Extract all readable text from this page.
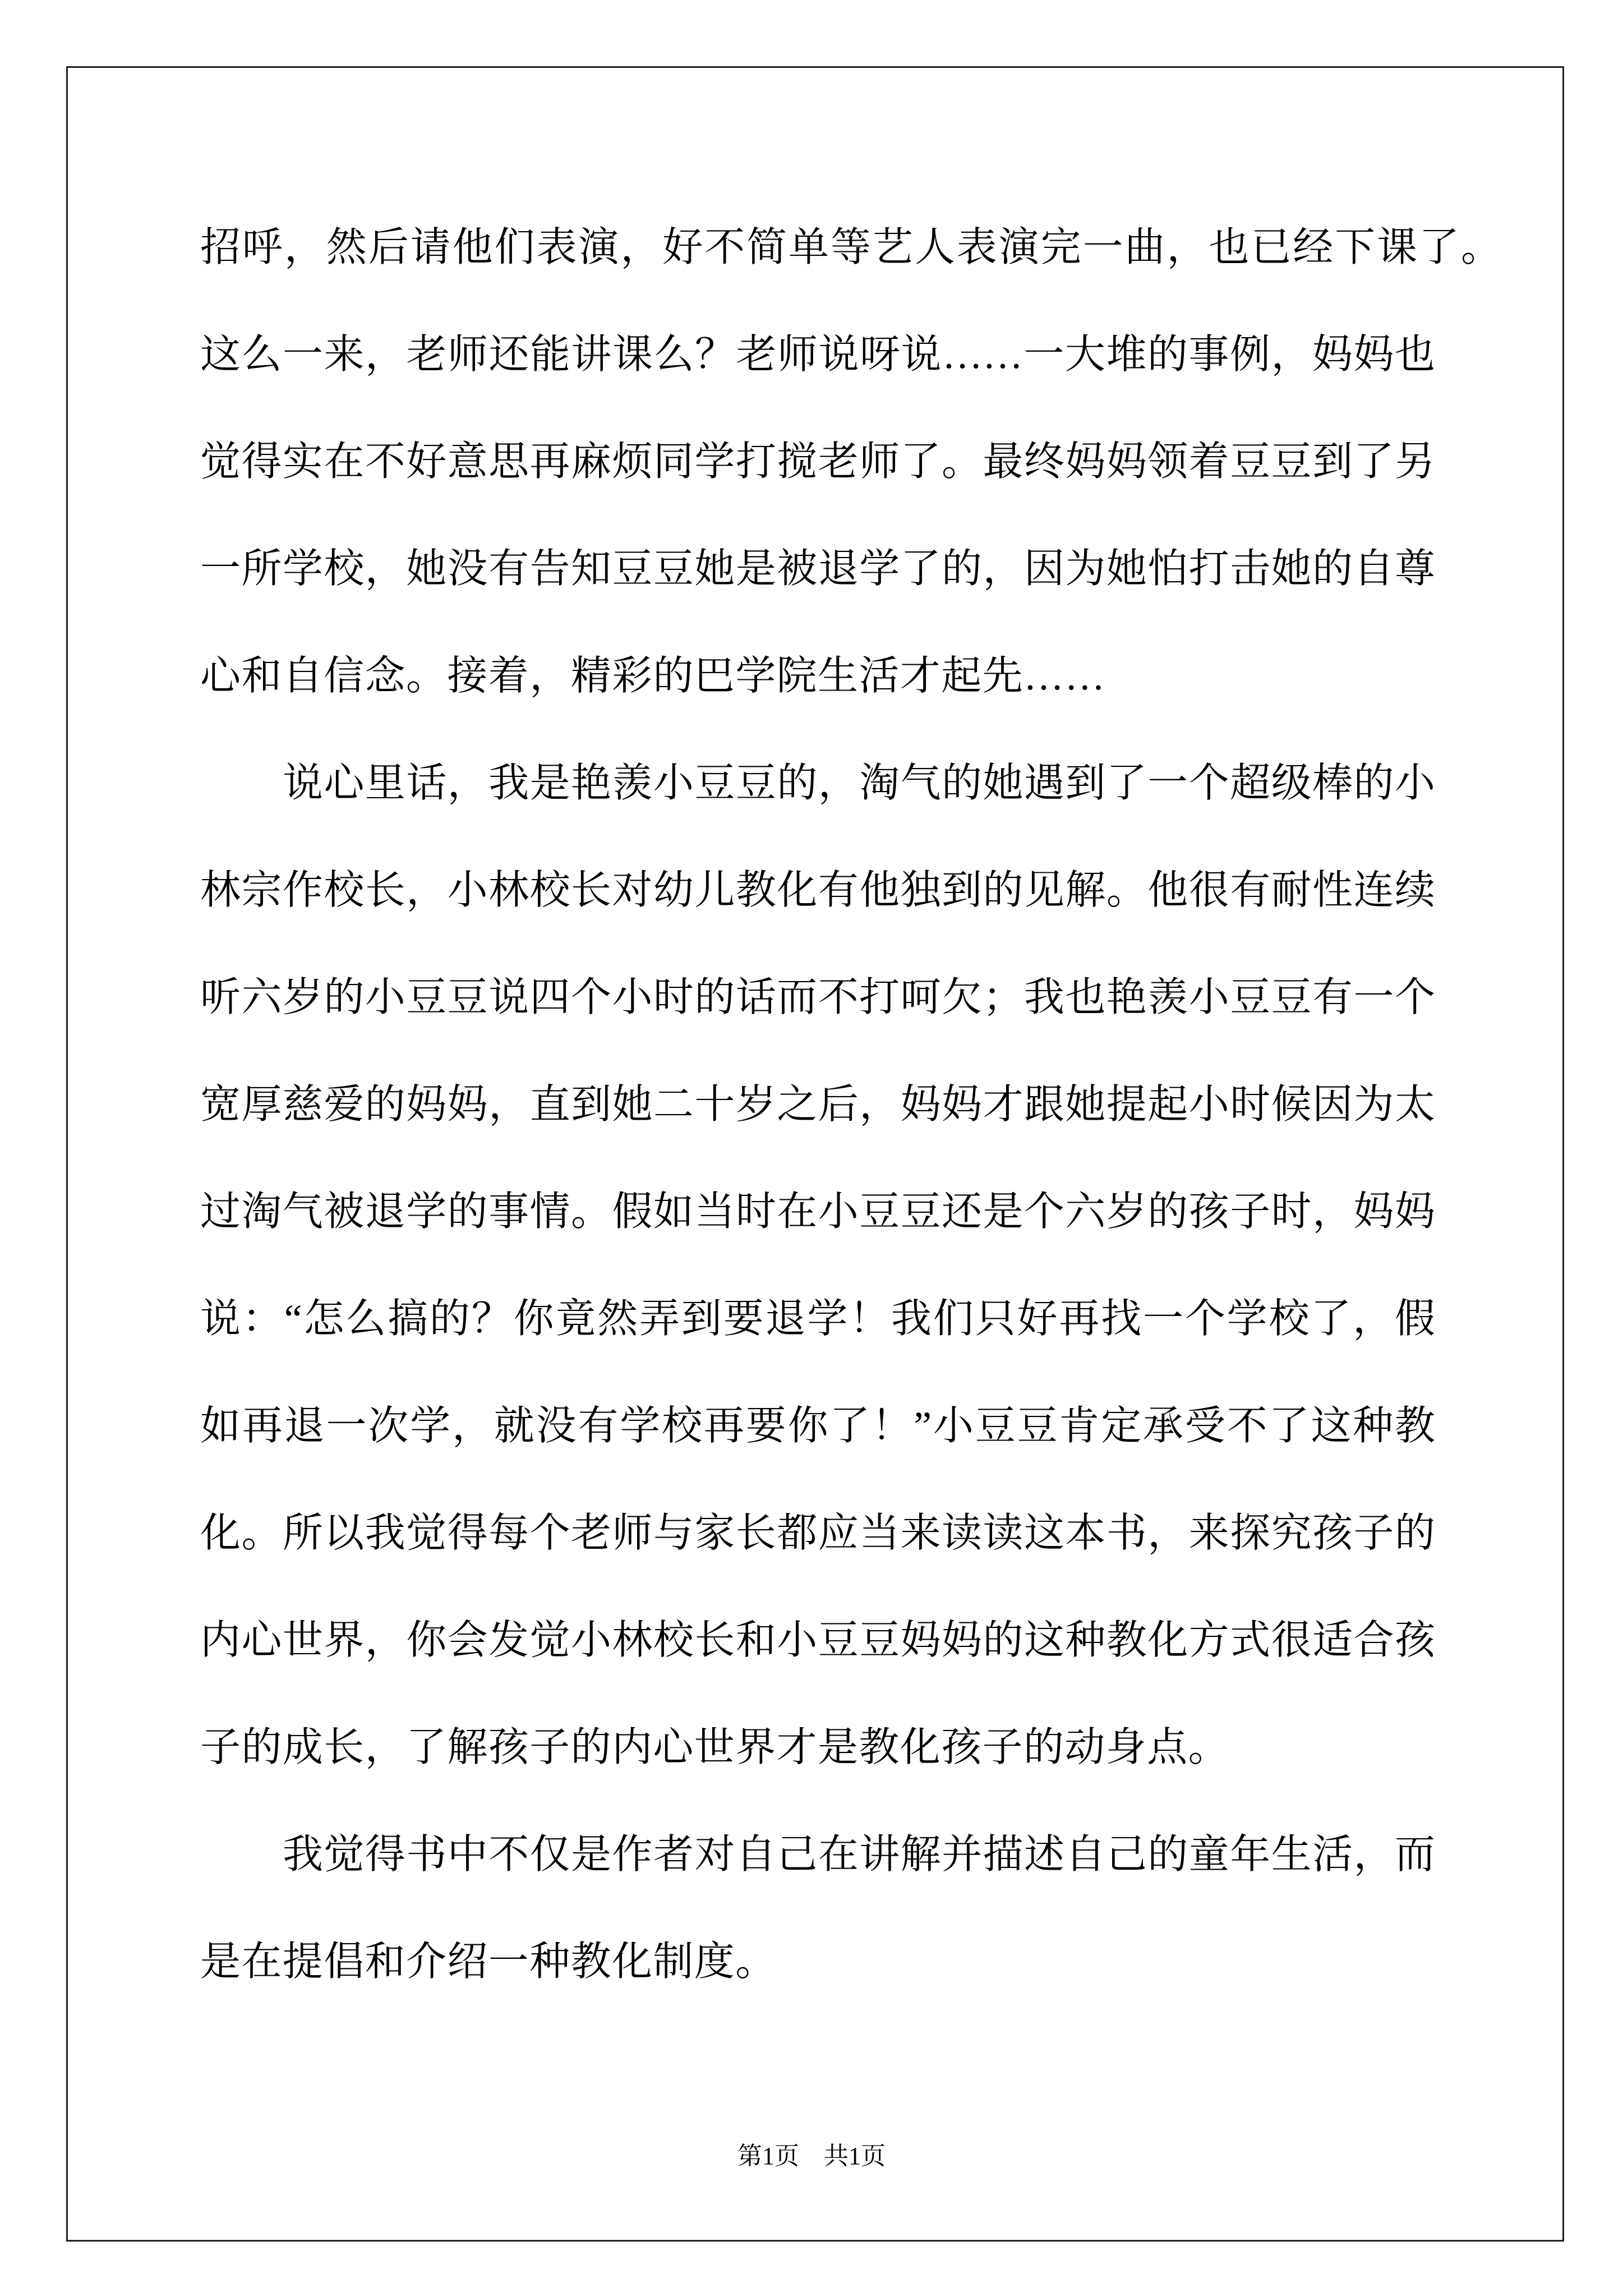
招呼，然后请他们表演，好不简单等艺人表演完一曲，也已经下课了。
这么一来，老师还能讲课么？老师说呀说……一大堆的事例，妈妈也
觉得实在不好意思再麻烦同学打搅老师了。最终妈妈领着豆豆到了另
一所学校，她没有告知豆豆她是被退学了的，因为她怕打击她的自尊
心和自信念。接着，精彩的巴学院生活才起先……
说心里话，我是艳羡小豆豆的，淘气的她遇到了一个超级棒的小
林宗作校长，小林校长对幼儿教化有他独到的见解。他很有耐性连续
听六岁的小豆豆说四个小时的话而不打呵欠；我也艳羡小豆豆有一个
宽厚慈爱的妈妈，直到她二十岁之后，妈妈才跟她提起小时候因为太
过淘气被退学的事情。假如当时在小豆豆还是个六岁的孩子时，妈妈
说：“怎么搞的？你竟然弄到要退学！我们只好再找一个学校了，假
如再退一次学，就没有学校再要你了！”小豆豆肯定承受不了这种教
化。所以我觉得每个老师与家长都应当来读读这本书，来探究孩子的
内心世界，你会发觉小林校长和小豆豆妈妈的这种教化方式很适合孩
子的成长，了解孩子的内心世界才是教化孩子的动身点。
我觉得书中不仅是作者对自己在讲解并描述自己的童年生活，而
是在提倡和介绍一种教化制度。
第1页　共1页
